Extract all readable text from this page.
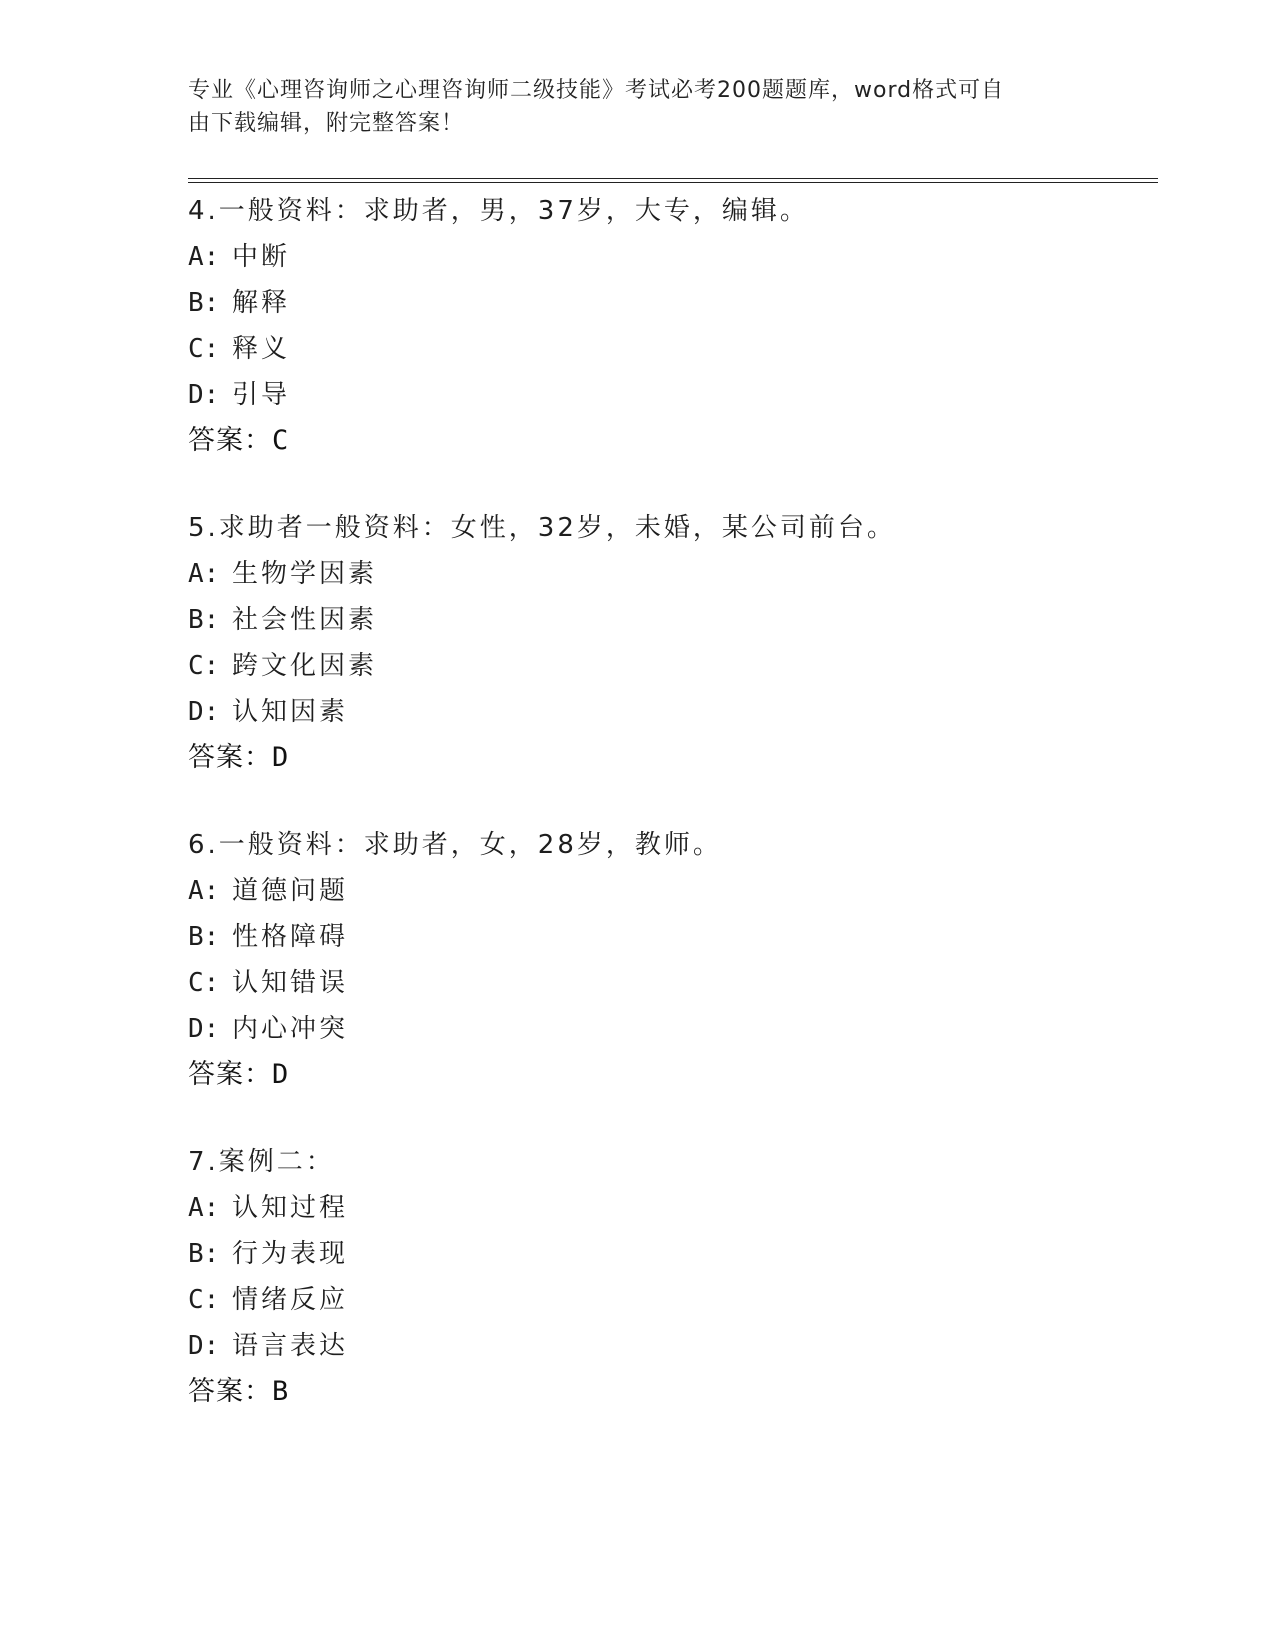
专业《心理咨询师之心理咨询师二级技能》考试必考200题题库，word格式可自
由下载编辑，附完整答案！
4.一般资料：求助者，男，37岁，大专，编辑。
A: 中断
B: 解释
C: 释义
D: 引导
答案：C
5.求助者一般资料：女性，32岁，未婚，某公司前台。
A: 生物学因素
B: 社会性因素
C: 跨文化因素
D: 认知因素
答案：D
6.一般资料：求助者，女，28岁，教师。
A: 道德问题
B: 性格障碍
C: 认知错误
D: 内心冲突
答案：D
7.案例二：
A: 认知过程
B: 行为表现
C: 情绪反应
D: 语言表达
答案：B
